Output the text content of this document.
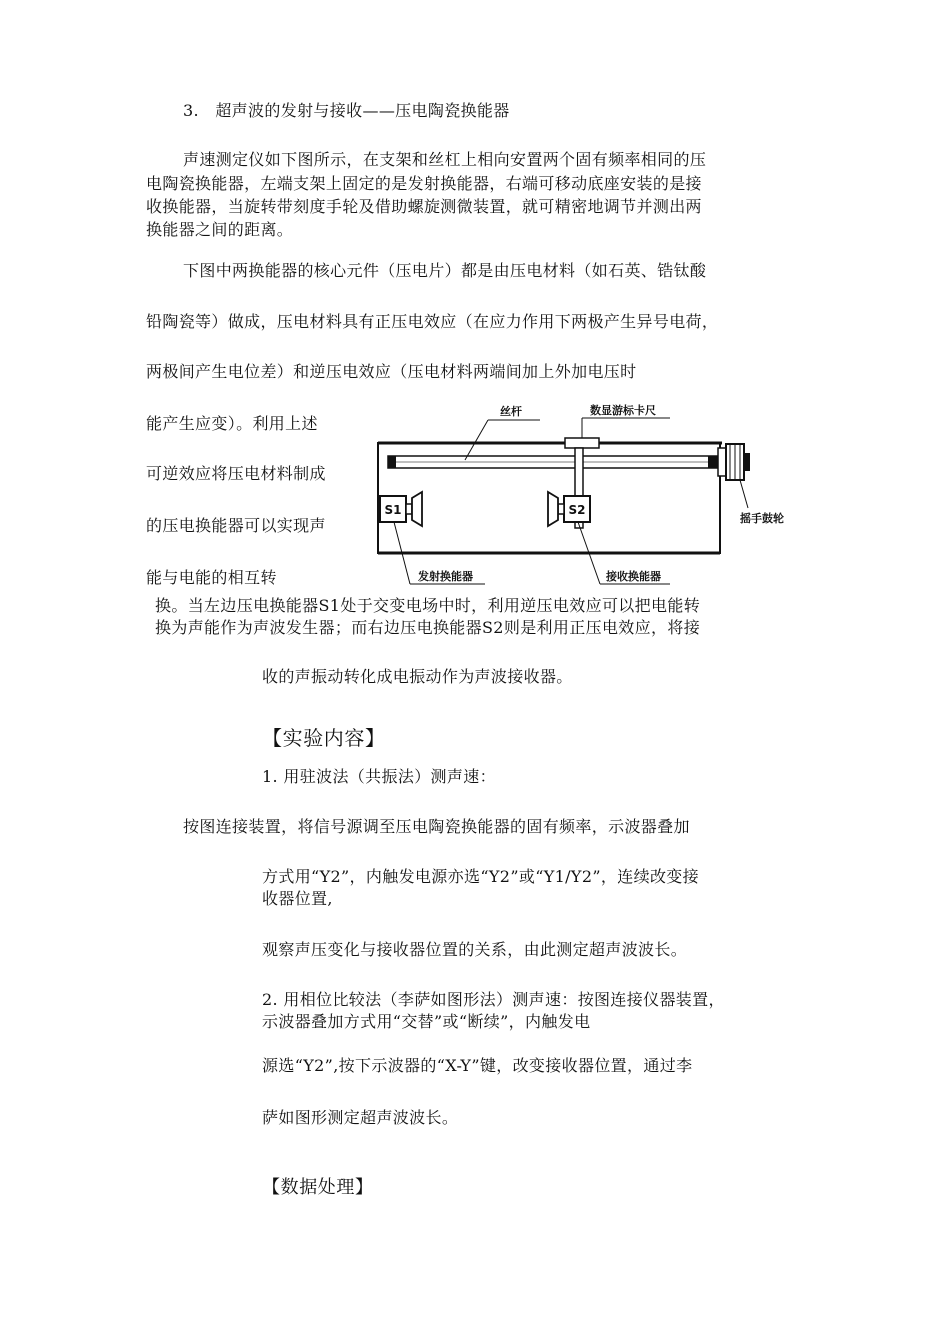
3.　超声波的发射与接收——压电陶瓷换能器

声速测定仪如下图所示，在支架和丝杠上相向安置两个固有频率相同的压

电陶瓷换能器，左端支架上固定的是发射换能器，右端可移动底座安装的是接

收换能器，当旋转带刻度手轮及借助螺旋测微装置，就可精密地调节并测出两

换能器之间的距离。

下图中两换能器的核心元件（压电片）都是由压电材料（如石英、锆钛酸

铅陶瓷等）做成，压电材料具有正压电效应（在应力作用下两极产生异号电荷，

两极间产生电位差）和逆压电效应（压电材料两端间加上外加电压时

能产生应变）。利用上述

可逆效应将压电材料制成

的压电换能器可以实现声

能与电能的相互转

换。当左边压电换能器S1处于交变电场中时，利用逆压电效应可以把电能转

换为声能作为声波发生器；而右边压电换能器S2则是利用正压电效应，将接

收的声振动转化成电振动作为声波接收器。

S1	S2
丝杆	数显游标卡尺
摇手鼓轮
发射换能器	接收换能器

【实验内容】

1. 用驻波法（共振法）测声速：

按图连接装置，将信号源调至压电陶瓷换能器的固有频率，示波器叠加

方式用“Y2”，内触发电源亦选“Y2”或“Y1/Y2”，连续改变接

收器位置,

观察声压变化与接收器位置的关系，由此测定超声波波长。

2. 用相位比较法（李萨如图形法）测声速：按图连接仪器装置，

示波器叠加方式用“交替”或“断续”，内触发电

源选“Y2”,按下示波器的“X-Y”键，改变接收器位置，通过李

萨如图形测定超声波波长。

【数据处理】
